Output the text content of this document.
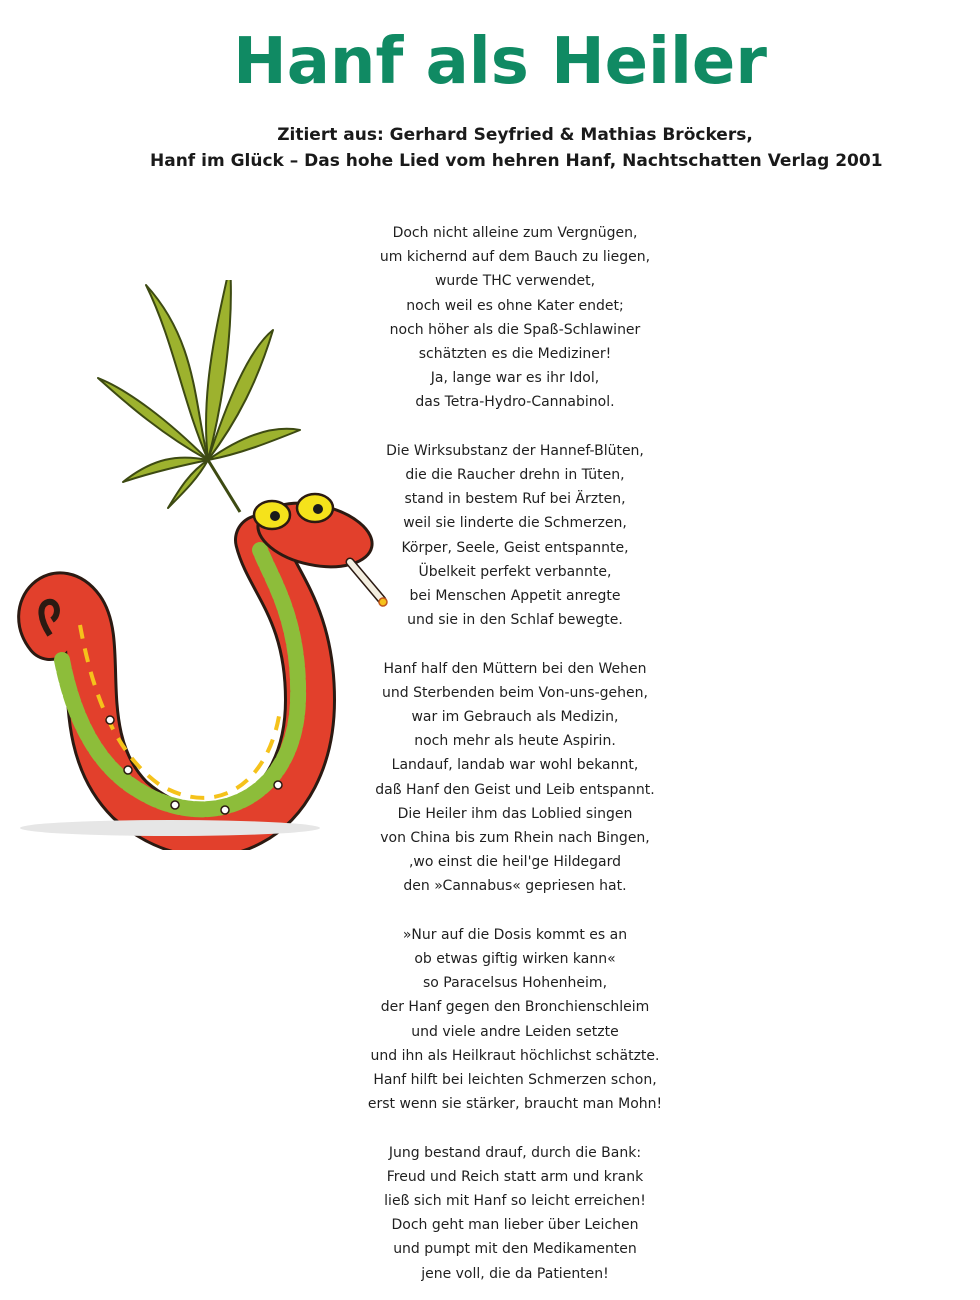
Hanf als Heiler
Zitiert aus: Gerhard Seyfried & Mathias Bröckers,
Hanf im Glück – Das hohe Lied vom hehren Hanf, Nachtschatten Verlag 2001
Doch nicht alleine zum Vergnügen,
um kichernd auf dem Bauch zu liegen,
wurde THC verwendet,
noch weil es ohne Kater endet;
noch höher als die Spaß-Schlawiner
schätzten es die Mediziner!
Ja, lange war es ihr Idol,
das Tetra-Hydro-Cannabinol.
Die Wirksubstanz der Hannef-Blüten,
die die Raucher drehn in Tüten,
stand in bestem Ruf bei Ärzten,
weil sie linderte die Schmerzen,
Körper, Seele, Geist entspannte,
Übelkeit perfekt verbannte,
bei Menschen Appetit anregte
und sie in den Schlaf bewegte.
Hanf half den Müttern bei den Wehen
und Sterbenden beim Von-uns-gehen,
war im Gebrauch als Medizin,
noch mehr als heute Aspirin.
Landauf, landab war wohl bekannt,
daß Hanf den Geist und Leib entspannt.
Die Heiler ihm das Loblied singen
von China bis zum Rhein nach Bingen,
,wo einst die heil'ge Hildegard
den »Cannabus« gepriesen hat.
»Nur auf die Dosis kommt es an
ob etwas giftig wirken kann«
so Paracelsus Hohenheim,
der Hanf gegen den Bronchienschleim
und viele andre Leiden setzte
und ihn als Heilkraut höchlichst schätzte.
Hanf hilft bei leichten Schmerzen schon,
erst wenn sie stärker, braucht man Mohn!
Jung bestand drauf, durch die Bank:
Freud und Reich statt arm und krank
ließ sich mit Hanf so leicht erreichen!
Doch geht man lieber über Leichen
und pumpt mit den Medikamenten
jene voll, die da Patienten!
